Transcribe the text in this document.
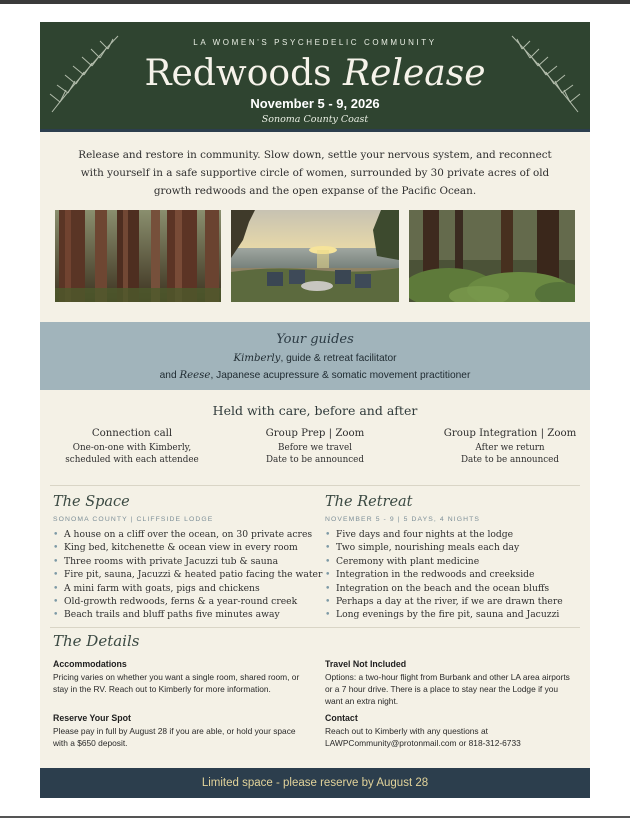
LA WOMEN'S PSYCHEDELIC COMMUNITY
Redwoods Release
November 5 - 9, 2026
Sonoma County Coast
Release and restore in community. Slow down, settle your nervous system, and reconnect with yourself in a safe supportive circle of women, surrounded by 30 private acres of old growth redwoods and the open expanse of the Pacific Ocean.
Your guides
Kimberly, guide & retreat facilitator
and Reese, Japanese acupressure & somatic movement practitioner
Held with care, before and after
Connection call
One-on-one with Kimberly,
scheduled with each attendee
Group Prep | Zoom
Before we travel
Date to be announced
Group Integration | Zoom
After we return
Date to be announced
The Space
SONOMA COUNTY | CLIFFSIDE LODGE
• A house on a cliff over the ocean, on 30 private acres
• King bed, kitchenette & ocean view in every room
• Three rooms with private Jacuzzi tub & sauna
• Fire pit, sauna, Jacuzzi & heated patio facing the water
• A mini farm with goats, pigs and chickens
• Old-growth redwoods, ferns & a year-round creek
• Beach trails and bluff paths five minutes away
The Retreat
NOVEMBER 5 - 9 | 5 DAYS, 4 NIGHTS
• Five days and four nights at the lodge
• Two simple, nourishing meals each day
• Ceremony with plant medicine
• Integration in the redwoods and creekside
• Integration on the beach and the ocean bluffs
• Perhaps a day at the river, if we are drawn there
• Long evenings by the fire pit, sauna and Jacuzzi
The Details
Accommodations
Pricing varies on whether you want a single room, shared room, or stay in the RV. Reach out to Kimberly for more information.
Travel Not Included
Options: a two-hour flight from Burbank and other LA area airports or a 7 hour drive. There is a place to stay near the Lodge if you want an extra night.
Reserve Your Spot
Please pay in full by August 28 if you are able, or hold your space with a $650 deposit.
Contact
Reach out to Kimberly with any questions at LAWPCommunity@protonmail.com or 818-312-6733
Limited space - please reserve by August 28
